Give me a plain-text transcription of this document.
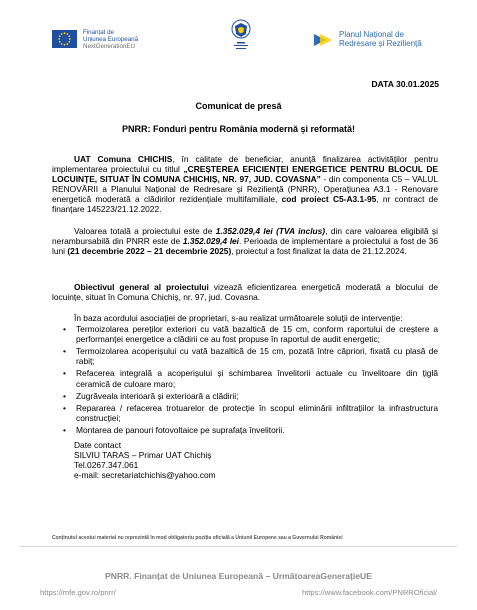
Finanțat de
Uniunea Europeană
NextGenerationEU
Planul Național de
Redresare și Reziliență
DATA 30.01.2025
Comunicat de presă
PNRR: Fonduri pentru România modernă și reformată!
UAT Comuna CHICHIS, în calitate de beneficiar, anunță finalizarea activităților pentru implementarea proiectului cu titlul „CREȘTEREA EFICIENȚEI ENERGETICE PENTRU BLOCUL DE LOCUINȚE, SITUAT ÎN COMUNA CHICHIȘ, NR. 97, JUD. COVASNA” - din componenta C5 – VALUL RENOVĂRII a Planului Național de Redresare și Reziliență (PNRR), Operațiunea A3.1 - Renovare energetică moderată a clădirilor rezidențiale multifamiliale, cod proiect C5-A3.1-95, nr contract de finanțare 145223/21.12.2022.
Valoarea totală a proiectului este de 1.352.029,4 lei (TVA inclus), din care valoarea eligibilă și nerambursabilă din PNRR este de 1.352.029,4 lei. Perioada de implementare a proiectului a fost de 36 luni (21 decembrie 2022 – 21 decembrie 2025), proiectul a fost finalizat la data de 21.12.2024.
Obiectivul general al proiectului vizează eficientizarea energetică moderată a blocului de locuințe, situat în Comuna Chichiș, nr. 97, jud. Covasna.
În baza acordului asociației de proprietari, s-au realizat următoarele soluții de intervenție:
• Termoizolarea pereților exteriori cu vată bazaltică de 15 cm, conform raportului de creștere a performanței energetice a clădirii ce au fost propuse în raportul de audit energetic;
• Termoizolarea acoperișului cu vată bazaltică de 15 cm, pozată între căpriori, fixată cu plasă de rabiț;
• Refacerea integrală a acoperișului și schimbarea învelitorii actuale cu învelitoare din țiglă ceramică de culoare maro;
• Zugrăveala interioară și exterioară a clădirii;
• Repararea / refacerea trotuarelor de protecție în scopul eliminării infiltrațiilor la infrastructura construcției;
• Montarea de panouri fotovoltaice pe suprafața învelitorii.
Date contact
SILVIU TARAS – Primar UAT Chichiș
Tel.0267.347.061
e-mail: secretariatchichis@yahoo.com
Conținutul acestui material nu reprezintă în mod obligatoriu poziția oficială a Uniunii Europene sau a Guvernului României
PNRR. Finanțat de Uniunea Europeană – UrmătoareaGenerațieUE
https://mfe.gov.ro/pnrr/	https://www.facebook.com/PNRROficial/
